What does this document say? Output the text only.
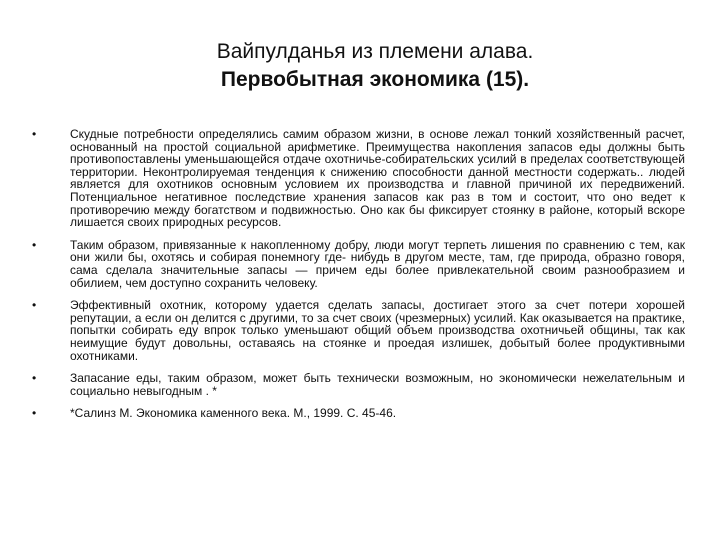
Вайпулданья из племени алава.
Первобытная экономика (15).
•	Скудные потребности определялись самим образом жизни, в основе лежал тонкий хозяйственный расчет, основанный на простой социальной арифметике. Преимущества накопления запасов еды должны быть противопоставлены уменьшающейся отдаче охотничье-собирательских усилий в пределах соответствующей территории. Неконтролируемая тенденция к снижению способности данной местности содержать.. людей является для охотников основным условием их производства и главной причиной их передвижений. Потенциальное негативное последствие хранения запасов как раз в том и состоит, что оно ведет к противоречию между богатством и подвижностью. Оно как бы фиксирует стоянку в районе, который вскоре лишается своих природных ресурсов.
•	Таким образом, привязанные к накопленному добру, люди могут терпеть лишения по сравнению с тем, как они жили бы, охотясь и собирая понемногу где- нибудь в другом месте, там, где природа, образно говоря, сама сделала значительные запасы — причем еды более привлекательной своим разнообразием и обилием, чем доступно сохранить человеку.
•	Эффективный охотник, которому удается сделать запасы, достигает этого за счет потери хорошей репутации, а если он делится с другими, то за счет своих (чрезмерных) усилий. Как оказывается на практике, попытки собирать еду впрок только уменьшают общий объем производства охотничьей общины, так как неимущие будут довольны, оставаясь на стоянке и проедая излишек, добытый более продуктивными охотниками.
•	Запасание еды, таким образом, может быть технически возможным, но экономически нежелательным и социально невыгодным . *
•	*Салинз М. Экономика каменного века. М., 1999. С. 45-46.
